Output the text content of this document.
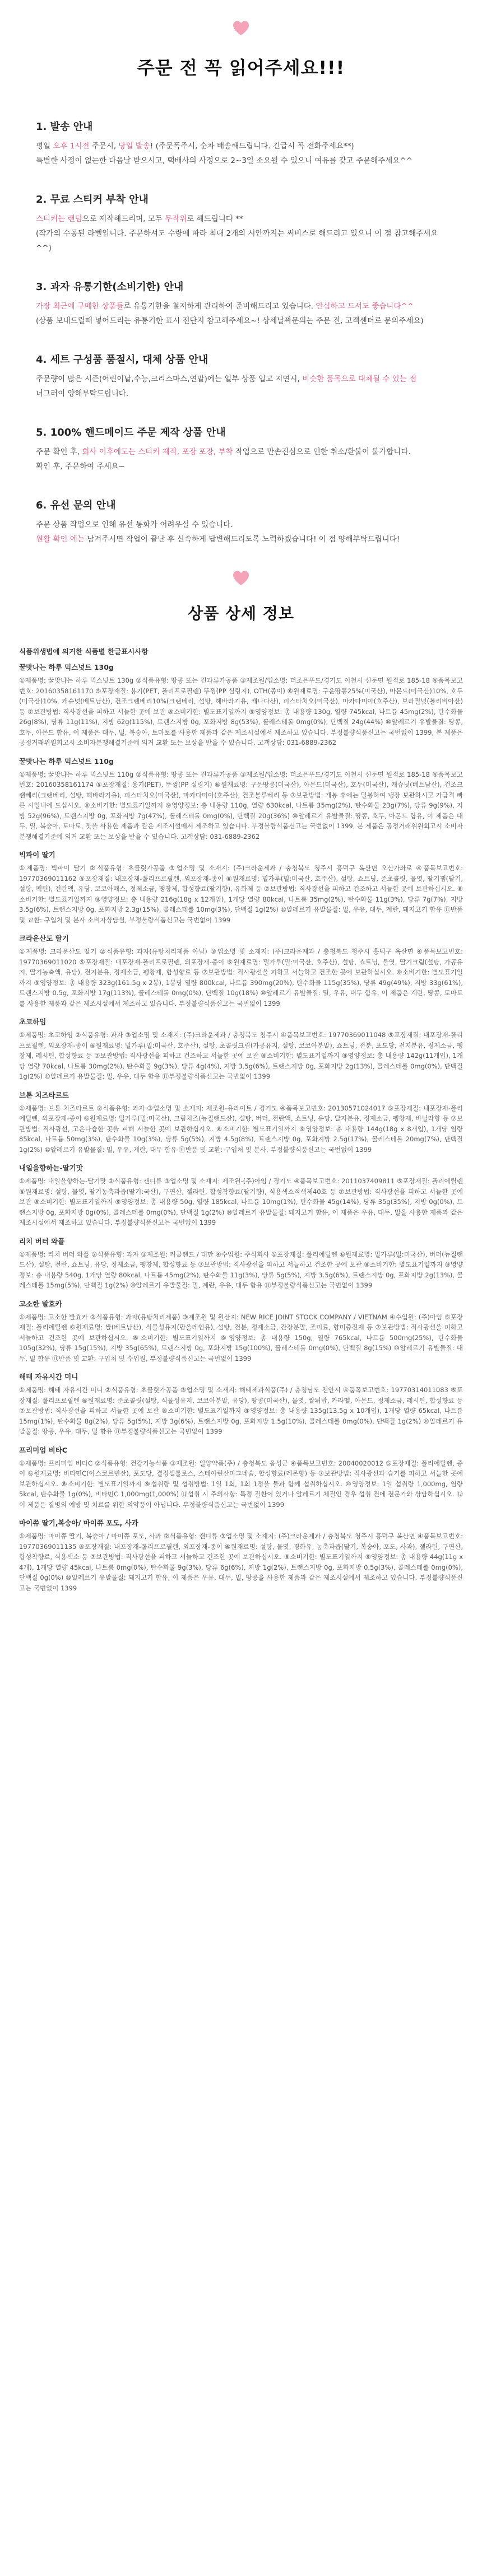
주문 전 꼭 읽어주세요!!!
1. 발송 안내

평일 오후 1시전 주문시, 당일 발송! (주문폭주시, 순차 배송해드립니다. 긴급시 꼭 전화주세요**)
특별한 사정이 없는한 다음날 받으시고, 택배사의 사정으로 2~3일 소요될 수 있으니 여유를 갖고 주문해주세요^^

2. 무료 스티커 부착 안내

스티커는 랜덤으로 제작해드리며, 모두 무작위로 해드립니다 **
(작가의 수공된 라벨입니다. 주문하셔도 수량에 따라 최대 2개의 시안까지는 써비스로 해드리고 있으니 이 점 참고해주세요^^)

3. 과자 유통기한(소비기한) 안내

가장 최근에 구매한 상품들로 유통기한을 철저하게 관리하여 준비해드리고 있습니다. 안심하고 드셔도 좋습니다^^
(상품 보내드릴때 넣어드리는 유통기한 표시 전단지 참고해주세요~! 상세날짜문의는 주문 전, 고객센터로 문의주세요)

4. 세트 구성품 품절시, 대체 상품 안내

주문량이 많은 시즌(어린이날,수능,크리스마스,연말)에는 일부 상품 입고 지연시, 비슷한 품목으로 대체될 수 있는 점
너그러이 양해부탁드립니다.

5. 100% 핸드메이드 주문 제작 상품 안내

주문 확인 후, 회사 이후에도는 스티커 제작, 포장 포장, 부착 작업으로 만손진심으로 인한 취소/환불이 불가합니다.
확인 후, 주문하여 주세요~

6. 유선 문의 안내

주문 상품 작업으로 인해 유선 통화가 어려우실 수 있습니다.
원활 확인 예는 남겨주시면 작업이 끝난 후 신속하게 답변해드리도록 노력하겠습니다! 이 점 양해부탁드립니다!

상품 상세 정보

식품위생법에 의거한 식품별 한글표시사항

꿀맛나는 하루 믹스넛트 130g

①제품명: 꿀맛나는 하루 믹스넛트 130g ②식품유형: 땅콩 또는 견과류가공품 ③제조원/업소명: 더조은푸드/경기도 이천시 신둔면 원적로 185-18 ④품목보고번호: 20160358161170 ⑤포장재질: 용기(PET, 폴리프로필렌) 뚜껑(PP 실링지), OTH(종이) ⑥원재료명: 구운땅콩25%(미국산), 아몬드(미국산)10%, 호두(미국산)10%, 캐슈넛(베트남산), 건조크랜베리10%(크랜베리, 설탕, 해바라기유, 캐나다산), 피스타치오(미국산), 마카다미아(호주산), 브라질넛(볼리비아산) 등 ⑦보관방법: 직사광선을 피하고 서늘한 곳에 보관 ⑧소비기한: 별도표기일까지 ⑨영양정보: 총 내용량 130g, 열량 745kcal, 나트륨 45mg(2%), 탄수화물 26g(8%), 당류 11g(11%), 지방 62g(115%), 트랜스지방 0g, 포화지방 8g(53%), 콜레스테롤 0mg(0%), 단백질 24g(44%) ⑩알레르기 유발물질: 땅콩, 호두, 아몬드 함유, 이 제품은 대두, 밀, 복숭아, 토마토를 사용한 제품과 같은 제조시설에서 제조하고 있습니다. 부정불량식품신고는 국번없이 1399, 본 제품은 공정거래위원회고시 소비자분쟁해결기준에 의거 교환 또는 보상을 받을 수 있습니다. 고객상담: 031-6889-2362

꿀맛나는 하루 믹스넛트 110g

①제품명: 꿀맛나는 하루 믹스넛트 110g ②식품유형: 땅콩 또는 견과류가공품 ③제조원/업소명: 더조은푸드/경기도 이천시 신둔면 원적로 185-18 ④품목보고번호: 20160358161174 ⑤포장재질: 용기(PET), 뚜껑(PP 실링지) ⑥원재료명: 구운땅콩(미국산), 아몬드(미국산), 호두(미국산), 캐슈넛(베트남산), 건조크랜베리(크랜베리, 설탕, 해바라기유), 피스타치오(미국산), 마카다미아(호주산), 건조블루베리 등 ⑦보관방법: 개봉 후에는 밀봉하여 냉장 보관하시고 가급적 빠른 시일내에 드십시오. ⑧소비기한: 별도표기일까지 ⑨영양정보: 총 내용량 110g, 열량 630kcal, 나트륨 35mg(2%), 탄수화물 23g(7%), 당류 9g(9%), 지방 52g(96%), 트랜스지방 0g, 포화지방 7g(47%), 콜레스테롤 0mg(0%), 단백질 20g(36%) ⑩알레르기 유발물질: 땅콩, 호두, 아몬드 함유, 이 제품은 대두, 밀, 복숭아, 토마토, 잣을 사용한 제품과 같은 제조시설에서 제조하고 있습니다. 부정불량식품신고는 국번없이 1399, 본 제품은 공정거래위원회고시 소비자분쟁해결기준에 의거 교환 또는 보상을 받을 수 있습니다. 고객상담: 031-6889-2362

빅파이 딸기

①제품명: 빅파이 딸기 ②식품유형: 초콜릿가공품 ③업소명 및 소재지: (주)크라운제과 / 충청북도 청주시 흥덕구 옥산면 오산가좌로 ④품목보고번호: 19770369011162 ⑤포장재질: 내포장재-폴리프로필렌, 외포장재-종이 ⑥원재료명: 밀가루(밀:미국산, 호주산), 설탕, 쇼트닝, 준초콜릿, 물엿, 딸기잼(딸기, 설탕, 펙틴), 전란액, 유당, 코코아매스, 정제소금, 팽창제, 합성향료(딸기향), 유화제 등 ⑦보관방법: 직사광선을 피하고 건조하고 서늘한 곳에 보관하십시오. ⑧소비기한: 별도표기일까지 ⑨영양정보: 총 내용량 216g(18g x 12개입), 1개당 열량 80kcal, 나트륨 35mg(2%), 탄수화물 11g(3%), 당류 7g(7%), 지방 3.5g(6%), 트랜스지방 0g, 포화지방 2.3g(15%), 콜레스테롤 10mg(3%), 단백질 1g(2%) ⑩알레르기 유발물질: 밀, 우유, 대두, 계란, 돼지고기 함유 ⑪반품 및 교환: 구입처 및 본사 소비자상담실, 부정불량식품신고는 국번없이 1399

크라운산도 딸기

①제품명: 크라운산도 딸기 ②식품유형: 과자(유탕처리제품 아님) ③업소명 및 소재지: (주)크라운제과 / 충청북도 청주시 흥덕구 옥산면 ④품목보고번호: 19770369011020 ⑤포장재질: 내포장재-폴리프로필렌, 외포장재-종이 ⑥원재료명: 밀가루(밀:미국산, 호주산), 설탕, 쇼트닝, 물엿, 딸기크림(설탕, 가공유지, 딸기농축액, 유당), 전지분유, 정제소금, 팽창제, 합성향료 등 ⑦보관방법: 직사광선을 피하고 서늘하고 건조한 곳에 보관하십시오. ⑧소비기한: 별도표기일까지 ⑨영양정보: 총 내용량 323g(161.5g x 2봉), 1봉당 열량 800kcal, 나트륨 390mg(20%), 탄수화물 115g(35%), 당류 49g(49%), 지방 33g(61%), 트랜스지방 0.5g, 포화지방 17g(113%), 콜레스테롤 0mg(0%), 단백질 10g(18%) ⑩알레르기 유발물질: 밀, 우유, 대두 함유, 이 제품은 계란, 땅콩, 토마토를 사용한 제품과 같은 제조시설에서 제조하고 있습니다. 부정불량식품신고는 국번없이 1399

초코하임

①제품명: 초코하임 ②식품유형: 과자 ③업소명 및 소재지: (주)크라운제과 / 충청북도 청주시 ④품목보고번호: 19770369011048 ⑤포장재질: 내포장재-폴리프로필렌, 외포장재-종이 ⑥원재료명: 밀가루(밀:미국산, 호주산), 설탕, 초콜릿크림(가공유지, 설탕, 코코아분말), 쇼트닝, 전분, 포도당, 전지분유, 정제소금, 팽창제, 레시틴, 합성향료 등 ⑦보관방법: 직사광선을 피하고 건조하고 서늘한 곳에 보관 ⑧소비기한: 별도표기일까지 ⑨영양정보: 총 내용량 142g(11개입), 1개당 열량 70kcal, 나트륨 30mg(2%), 탄수화물 9g(3%), 당류 4g(4%), 지방 3.5g(6%), 트랜스지방 0g, 포화지방 2g(13%), 콜레스테롤 0mg(0%), 단백질 1g(2%) ⑩알레르기 유발물질: 밀, 우유, 대두 함유 ⑪부정불량식품신고는 국번없이 1399

브톤 치즈타르트

①제품명: 브톤 치즈타르트 ②식품유형: 과자 ③업소명 및 소재지: 제조원-유라이트 / 경기도 ④품목보고번호: 20130571024017 ⑤포장재질: 내포장재-폴리에틸렌, 외포장재-종이 ⑥원재료명: 밀가루(밀:미국산), 크림치즈(뉴질랜드산), 설탕, 버터, 전란액, 쇼트닝, 유당, 탈지분유, 정제소금, 팽창제, 바닐라향 등 ⑦보관방법: 직사광선, 고온다습한 곳을 피해 서늘한 곳에 보관하십시오. ⑧소비기한: 별도표기일까지 ⑨영양정보: 총 내용량 144g(18g x 8개입), 1개당 열량 85kcal, 나트륨 50mg(3%), 탄수화물 10g(3%), 당류 5g(5%), 지방 4.5g(8%), 트랜스지방 0g, 포화지방 2.5g(17%), 콜레스테롤 20mg(7%), 단백질 1g(2%) ⑩알레르기 유발물질: 밀, 우유, 계란, 대두 함유 ⑪반품 및 교환: 구입처 및 본사, 부정불량식품신고는 국번없이 1399

내일을향하는-딸기맛

①제품명: 내일을향하는-딸기맛 ②식품유형: 캔디류 ③업소명 및 소재지: 제조원-(주)아임 / 경기도 ④품목보고번호: 2011037409811 ⑤포장재질: 폴리에틸렌 ⑥원재료명: 설탕, 물엿, 딸기농축과즙(딸기:국산), 구연산, 젤라틴, 합성착향료(딸기향), 식용색소적색제40호 등 ⑦보관방법: 직사광선을 피하고 서늘한 곳에 보관 ⑧소비기한: 별도표기일까지 ⑨영양정보: 총 내용량 50g, 열량 185kcal, 나트륨 10mg(1%), 탄수화물 45g(14%), 당류 35g(35%), 지방 0g(0%), 트랜스지방 0g, 포화지방 0g(0%), 콜레스테롤 0mg(0%), 단백질 1g(2%) ⑩알레르기 유발물질: 돼지고기 함유, 이 제품은 우유, 대두, 밀을 사용한 제품과 같은 제조시설에서 제조하고 있습니다. 부정불량식품신고는 국번없이 1399

리치 버터 와플

①제품명: 리치 버터 와플 ②식품유형: 과자 ③제조원: 커클랜드 / 대만 ④수입원: 주식회사 ⑤포장재질: 폴리에틸렌 ⑥원재료명: 밀가루(밀:미국산), 버터(뉴질랜드산), 설탕, 전란, 쇼트닝, 유당, 정제소금, 팽창제, 합성향료 등 ⑦보관방법: 직사광선을 피하고 서늘하고 건조한 곳에 보관 ⑧소비기한: 별도표기일까지 ⑨영양정보: 총 내용량 540g, 1개당 열량 80kcal, 나트륨 45mg(2%), 탄수화물 11g(3%), 당류 5g(5%), 지방 3.5g(6%), 트랜스지방 0g, 포화지방 2g(13%), 콜레스테롤 15mg(5%), 단백질 1g(2%) ⑩알레르기 유발물질: 밀, 계란, 우유, 대두 함유 ⑪부정불량식품신고는 국번없이 1399

고소한 발효카

①제품명: 고소한 발효카 ②식품유형: 과자(유탕처리제품) ③제조원 및 원산지: NEW RICE JOINT STOCK COMPANY / VIETNAM ④수입원: (주)아임 ⑤포장재질: 폴리에틸렌 ⑥원재료명: 쌀(베트남산), 식물성유지(팜올레인유), 설탕, 전분, 정제소금, 간장분말, 조미료, 향미증진제 등 ⑦보관방법: 직사광선을 피하고 서늘하고 건조한 곳에 보관하십시오. ⑧소비기한: 별도표기일까지 ⑨영양정보: 총 내용량 150g, 열량 765kcal, 나트륨 500mg(25%), 탄수화물 105g(32%), 당류 15g(15%), 지방 35g(65%), 트랜스지방 0g, 포화지방 15g(100%), 콜레스테롤 0mg(0%), 단백질 8g(15%) ⑩알레르기 유발물질: 대두, 밀 함유 ⑪반품 및 교환: 구입처 및 수입원, 부정불량식품신고는 국번없이 1399

해태 자유시간 미니

①제품명: 해태 자유시간 미니 ②식품유형: 초콜릿가공품 ③업소명 및 소재지: 해태제과식품(주) / 충청남도 천안시 ④품목보고번호: 19770314011083 ⑤포장재질: 폴리프로필렌 ⑥원재료명: 준초콜릿(설탕, 식물성유지, 코코아분말, 유당), 땅콩(미국산), 물엿, 쌀튀밥, 카라멜, 아몬드, 정제소금, 레시틴, 합성향료 등 ⑦보관방법: 직사광선을 피하고 서늘한 곳에 보관 ⑧소비기한: 별도표기일까지 ⑨영양정보: 총 내용량 135g(13.5g x 10개입), 1개당 열량 65kcal, 나트륨 15mg(1%), 탄수화물 8g(2%), 당류 5g(5%), 지방 3g(6%), 트랜스지방 0g, 포화지방 1.5g(10%), 콜레스테롤 0mg(0%), 단백질 1g(2%) ⑩알레르기 유발물질: 땅콩, 우유, 대두, 밀 함유 ⑪부정불량식품신고는 국번없이 1399

프리미엄 비타C

①제품명: 프리미엄 비타C ②식품유형: 건강기능식품 ③제조원: 일양약품(주) / 충청북도 음성군 ④품목보고번호: 20040020012 ⑤포장재질: 폴리에틸렌, 종이 ⑥원재료명: 비타민C(아스코르빈산), 포도당, 결정셀룰로스, 스테아린산마그네슘, 합성향료(레몬향) 등 ⑦보관방법: 직사광선과 습기를 피하고 서늘한 곳에 보관하십시오. ⑧소비기한: 별도표기일까지 ⑨섭취량 및 섭취방법: 1일 1회, 1회 1정을 물과 함께 섭취하십시오. ⑩영양정보: 1일 섭취량 1,000mg, 열량 5kcal, 탄수화물 1g(0%), 비타민C 1,000mg(1,000%) ⑪섭취 시 주의사항: 특정 질환이 있거나 알레르기 체질인 경우 섭취 전에 전문가와 상담하십시오. ⑫이 제품은 질병의 예방 및 치료를 위한 의약품이 아닙니다. 부정불량식품신고는 국번없이 1399

마이쮸 딸기,복숭아/ 마이쮸 포도, 사과

①제품명: 마이쮸 딸기, 복숭아 / 마이쮸 포도, 사과 ②식품유형: 캔디류 ③업소명 및 소재지: (주)크라운제과 / 충청북도 청주시 흥덕구 옥산면 ④품목보고번호: 19770369011135 ⑤포장재질: 내포장재-폴리프로필렌, 외포장재-종이 ⑥원재료명: 설탕, 물엿, 경화유, 농축과즙(딸기, 복숭아, 포도, 사과), 젤라틴, 구연산, 합성착향료, 식용색소 등 ⑦보관방법: 직사광선을 피하고 서늘하고 건조한 곳에 보관하십시오. ⑧소비기한: 별도표기일까지 ⑨영양정보: 총 내용량 44g(11g x 4개), 1개당 열량 45kcal, 나트륨 0mg(0%), 탄수화물 9g(3%), 당류 6g(6%), 지방 1g(2%), 트랜스지방 0g, 포화지방 0.5g(3%), 콜레스테롤 0mg(0%), 단백질 0g(0%) ⑩알레르기 유발물질: 돼지고기 함유, 이 제품은 우유, 대두, 밀, 땅콩을 사용한 제품과 같은 제조시설에서 제조하고 있습니다. 부정불량식품신고는 국번없이 1399
